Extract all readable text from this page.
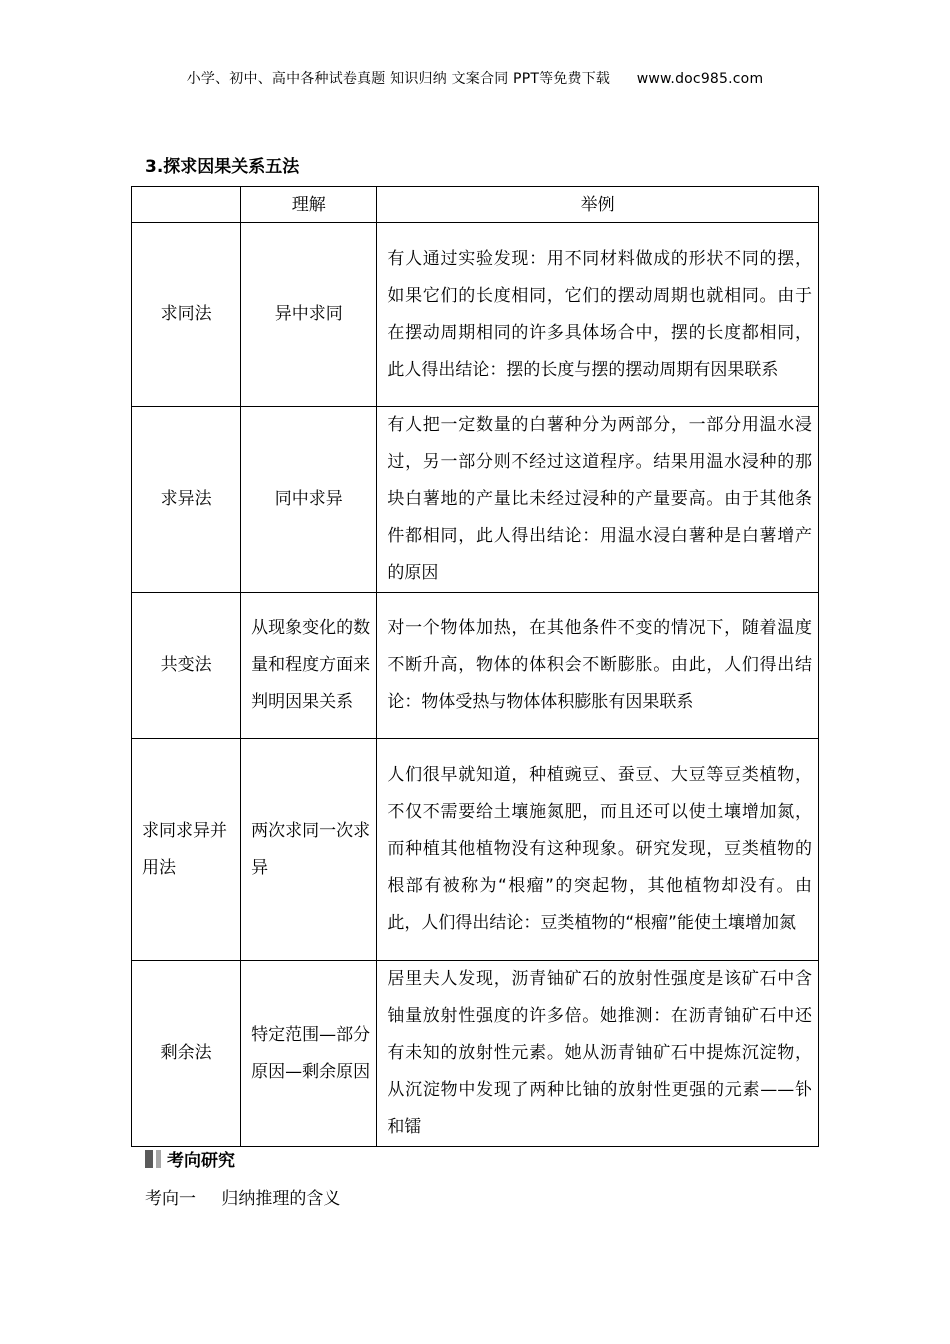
小学、初中、高中各种试卷真题 知识归纳 文案合同 PPT等免费下载 www.doc985.com
3.探求因果关系五法
	理解	举例
求同法	异中求同	有人通过实验发现：用不同材料做成的形状不同的摆，如果它们的长度相同，它们的摆动周期也就相同。由于在摆动周期相同的许多具体场合中，摆的长度都相同，此人得出结论：摆的长度与摆的摆动周期有因果联系
求异法	同中求异	有人把一定数量的白薯种分为两部分，一部分用温水浸过，另一部分则不经过这道程序。结果用温水浸种的那块白薯地的产量比未经过浸种的产量要高。由于其他条件都相同，此人得出结论：用温水浸白薯种是白薯增产的原因
共变法	从现象变化的数量和程度方面来判明因果关系	对一个物体加热，在其他条件不变的情况下，随着温度不断升高，物体的体积会不断膨胀。由此，人们得出结论：物体受热与物体体积膨胀有因果联系
求同求异并用法	两次求同一次求异	人们很早就知道，种植豌豆、蚕豆、大豆等豆类植物，不仅不需要给土壤施氮肥，而且还可以使土壤增加氮，而种植其他植物没有这种现象。研究发现，豆类植物的根部有被称为“根瘤”的突起物，其他植物却没有。由此，人们得出结论：豆类植物的“根瘤”能使土壤增加氮
剩余法	特定范围—部分原因—剩余原因	居里夫人发现，沥青铀矿石的放射性强度是该矿石中含铀量放射性强度的许多倍。她推测：在沥青铀矿石中还有未知的放射性元素。她从沥青铀矿石中提炼沉淀物，从沉淀物中发现了两种比铀的放射性更强的元素——钋和镭
考向研究
考向一 归纳推理的含义
